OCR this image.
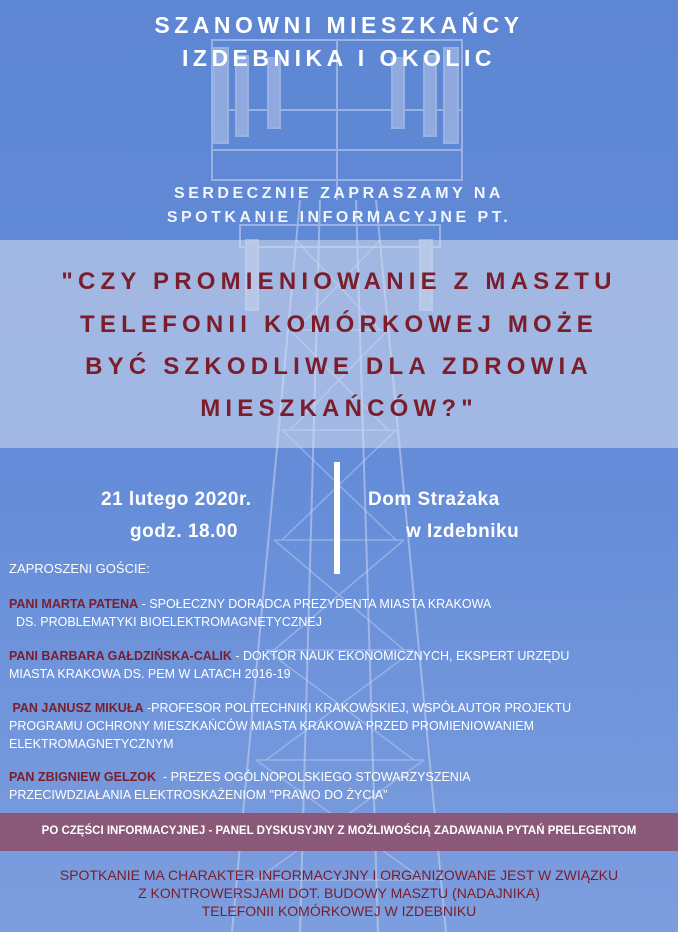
SZANOWNI MIESZKAŃCY
IZDEBNIKA I OKOLIC
SERDECZNIE ZAPRASZAMY NA
SPOTKANIE INFORMACYJNE PT.
"CZY PROMIENIOWANIE Z MASZTU
TELEFONII KOMÓRKOWEJ MOŻE
BYĆ SZKODLIWE DLA ZDROWIA
MIESZKAŃCÓW?"
21 lutego 2020r.
godz. 18.00
Dom Strażaka
w Izdebniku
ZAPROSZENI GOŚCIE:
PANI MARTA PATENA - SPOŁECZNY DORADCA PREZYDENTA MIASTA KRAKOWA
DS. PROBLEMATYKI BIOELEKTROMAGNETYCZNEJ
PANI BARBARA GAŁDZIŃSKA-CALIK - DOKTOR NAUK EKONOMICZNYCH, EKSPERT URZĘDU
MIASTA KRAKOWA DS. PEM W LATACH 2016-19
PAN JANUSZ MIKUŁA -PROFESOR POLITECHNIKI KRAKOWSKIEJ, WSPÓŁAUTOR PROJEKTU
PROGRAMU OCHRONY MIESZKAŃCÓW MIASTA KRAKOWA PRZED PROMIENIOWANIEM
ELEKTROMAGNETYCZNYM
PAN ZBIGNIEW GELZOK  - PREZES OGÓLNOPOLSKIEGO STOWARZYSZENIA
PRZECIWDZIAŁANIA ELEKTROSKAŻENIOM "PRAWO DO ŻYCIA"
PO CZĘŚCI INFORMACYJNEJ - PANEL DYSKUSYJNY Z MOŻLIWOŚCIĄ ZADAWANIA PYTAŃ PRELEGENTOM
SPOTKANIE MA CHARAKTER INFORMACYJNY I ORGANIZOWANE JEST W ZWIĄZKU
Z KONTROWERSJAMI DOT. BUDOWY MASZTU (NADAJNIKA)
TELEFONII KOMÓRKOWEJ W IZDEBNIKU
